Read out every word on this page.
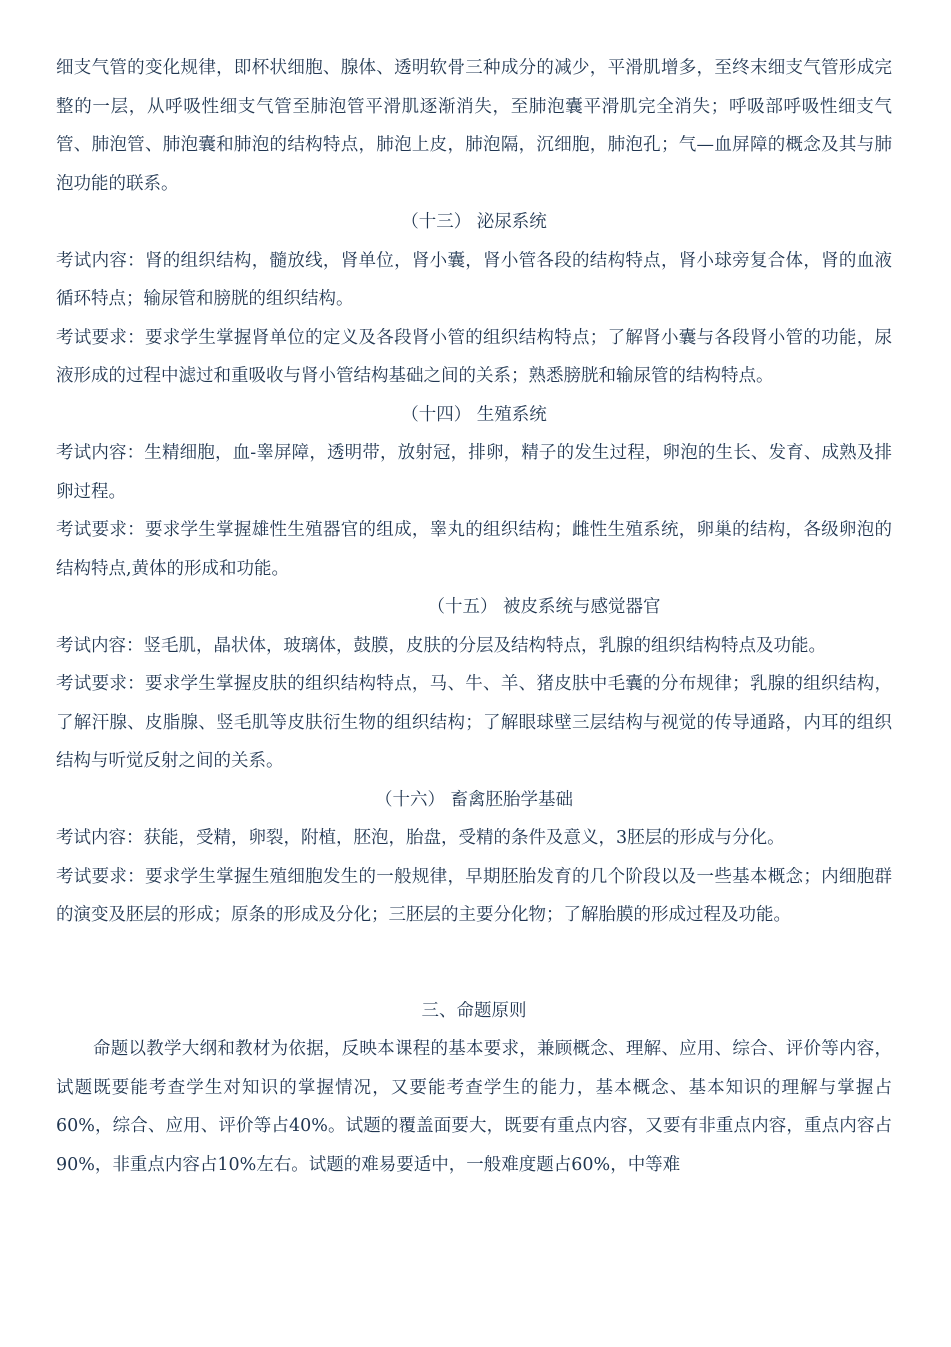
细支气管的变化规律，即杯状细胞、腺体、透明软骨三种成分的减少，平滑肌增多，至终末细支气管形成完整的一层，从呼吸性细支气管至肺泡管平滑肌逐渐消失，至肺泡囊平滑肌完全消失；呼吸部呼吸性细支气管、肺泡管、肺泡囊和肺泡的结构特点，肺泡上皮，肺泡隔，沉细胞，肺泡孔；气—血屏障的概念及其与肺泡功能的联系。

（十三） 泌尿系统

考试内容：肾的组织结构，髓放线，肾单位，肾小囊，肾小管各段的结构特点，肾小球旁复合体，肾的血液循环特点；输尿管和膀胱的组织结构。

考试要求：要求学生掌握肾单位的定义及各段肾小管的组织结构特点；了解肾小囊与各段肾小管的功能，尿液形成的过程中滤过和重吸收与肾小管结构基础之间的关系；熟悉膀胱和输尿管的结构特点。

（十四） 生殖系统

考试内容：生精细胞，血-睾屏障，透明带，放射冠，排卵，精子的发生过程，卵泡的生长、发育、成熟及排卵过程。

考试要求：要求学生掌握雄性生殖器官的组成，睾丸的组织结构；雌性生殖系统，卵巢的结构，各级卵泡的结构特点,黄体的形成和功能。

（十五） 被皮系统与感觉器官

考试内容：竖毛肌，晶状体，玻璃体，鼓膜，皮肤的分层及结构特点，乳腺的组织结构特点及功能。

考试要求：要求学生掌握皮肤的组织结构特点，马、牛、羊、猪皮肤中毛囊的分布规律；乳腺的组织结构，了解汗腺、皮脂腺、竖毛肌等皮肤衍生物的组织结构；了解眼球壁三层结构与视觉的传导通路，内耳的组织结构与听觉反射之间的关系。

（十六） 畜禽胚胎学基础

考试内容：获能，受精，卵裂，附植，胚泡，胎盘，受精的条件及意义，3胚层的形成与分化。

考试要求：要求学生掌握生殖细胞发生的一般规律，早期胚胎发育的几个阶段以及一些基本概念；内细胞群的演变及胚层的形成；原条的形成及分化；三胚层的主要分化物；了解胎膜的形成过程及功能。

三、命题原则

命题以教学大纲和教材为依据，反映本课程的基本要求，兼顾概念、理解、应用、综合、评价等内容，试题既要能考查学生对知识的掌握情况，又要能考查学生的能力，基本概念、基本知识的理解与掌握占60%，综合、应用、评价等占40%。试题的覆盖面要大，既要有重点内容，又要有非重点内容，重点内容占90%，非重点内容占10%左右。试题的难易要适中，一般难度题占60%，中等难
